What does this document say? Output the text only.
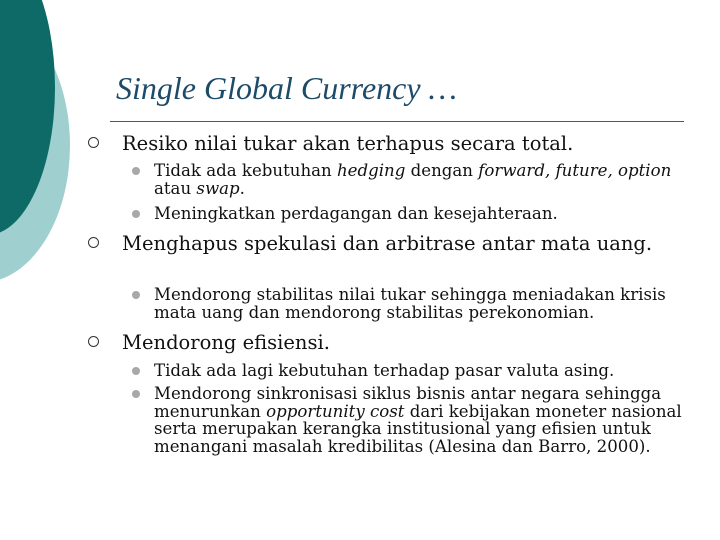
Single Global Currency …
Resiko nilai tukar akan terhapus secara total.
Tidak ada kebutuhan hedging dengan forward, future, option atau swap.
Meningkatkan perdagangan dan kesejahteraan.
Menghapus spekulasi dan arbitrase antar mata uang.
Mendorong stabilitas nilai tukar sehingga meniadakan krisis mata uang dan mendorong stabilitas perekonomian.
Mendorong efisiensi.
Tidak ada lagi kebutuhan terhadap pasar valuta asing.
Mendorong sinkronisasi siklus bisnis antar negara sehingga menurunkan opportunity cost dari kebijakan moneter nasional serta merupakan kerangka institusional yang efisien untuk menangani masalah kredibilitas (Alesina dan Barro, 2000).
